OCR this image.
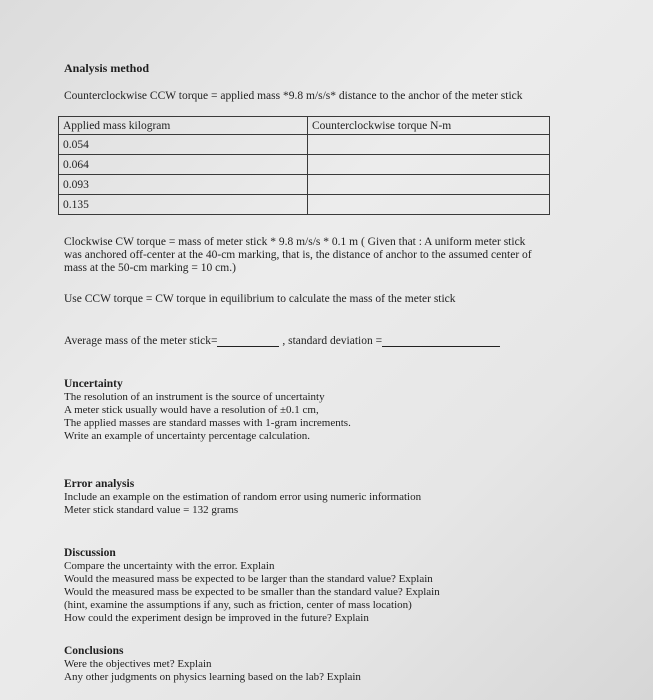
Analysis method
Counterclockwise CCW torque = applied mass *9.8 m/s/s* distance to the anchor of the meter stick
Applied mass kilogram	Counterclockwise torque N-m
0.054	
0.064	
0.093	
0.135	
Clockwise CW torque = mass of meter stick * 9.8 m/s/s * 0.1 m ( Given that : A uniform meter stick
was anchored off-center at the 40-cm marking, that is, the distance of anchor to the assumed center of
mass at the 50-cm marking = 10 cm.)
Use CCW torque = CW torque in equilibrium to calculate the mass of the meter stick
Average mass of the meter stick=	, standard deviation =
Uncertainty
The resolution of an instrument is the source of uncertainty
A meter stick usually would have a resolution of ±0.1 cm,
The applied masses are standard masses with 1-gram increments.
Write an example of uncertainty percentage calculation.
Error analysis
Include an example on the estimation of random error using numeric information
Meter stick standard value = 132 grams
Discussion
Compare the uncertainty with the error. Explain
Would the measured mass be expected to be larger than the standard value? Explain
Would the measured mass be expected to be smaller than the standard value? Explain
(hint, examine the assumptions if any, such as friction, center of mass location)
How could the experiment design be improved in the future? Explain
Conclusions
Were the objectives met? Explain
Any other judgments on physics learning based on the lab? Explain
